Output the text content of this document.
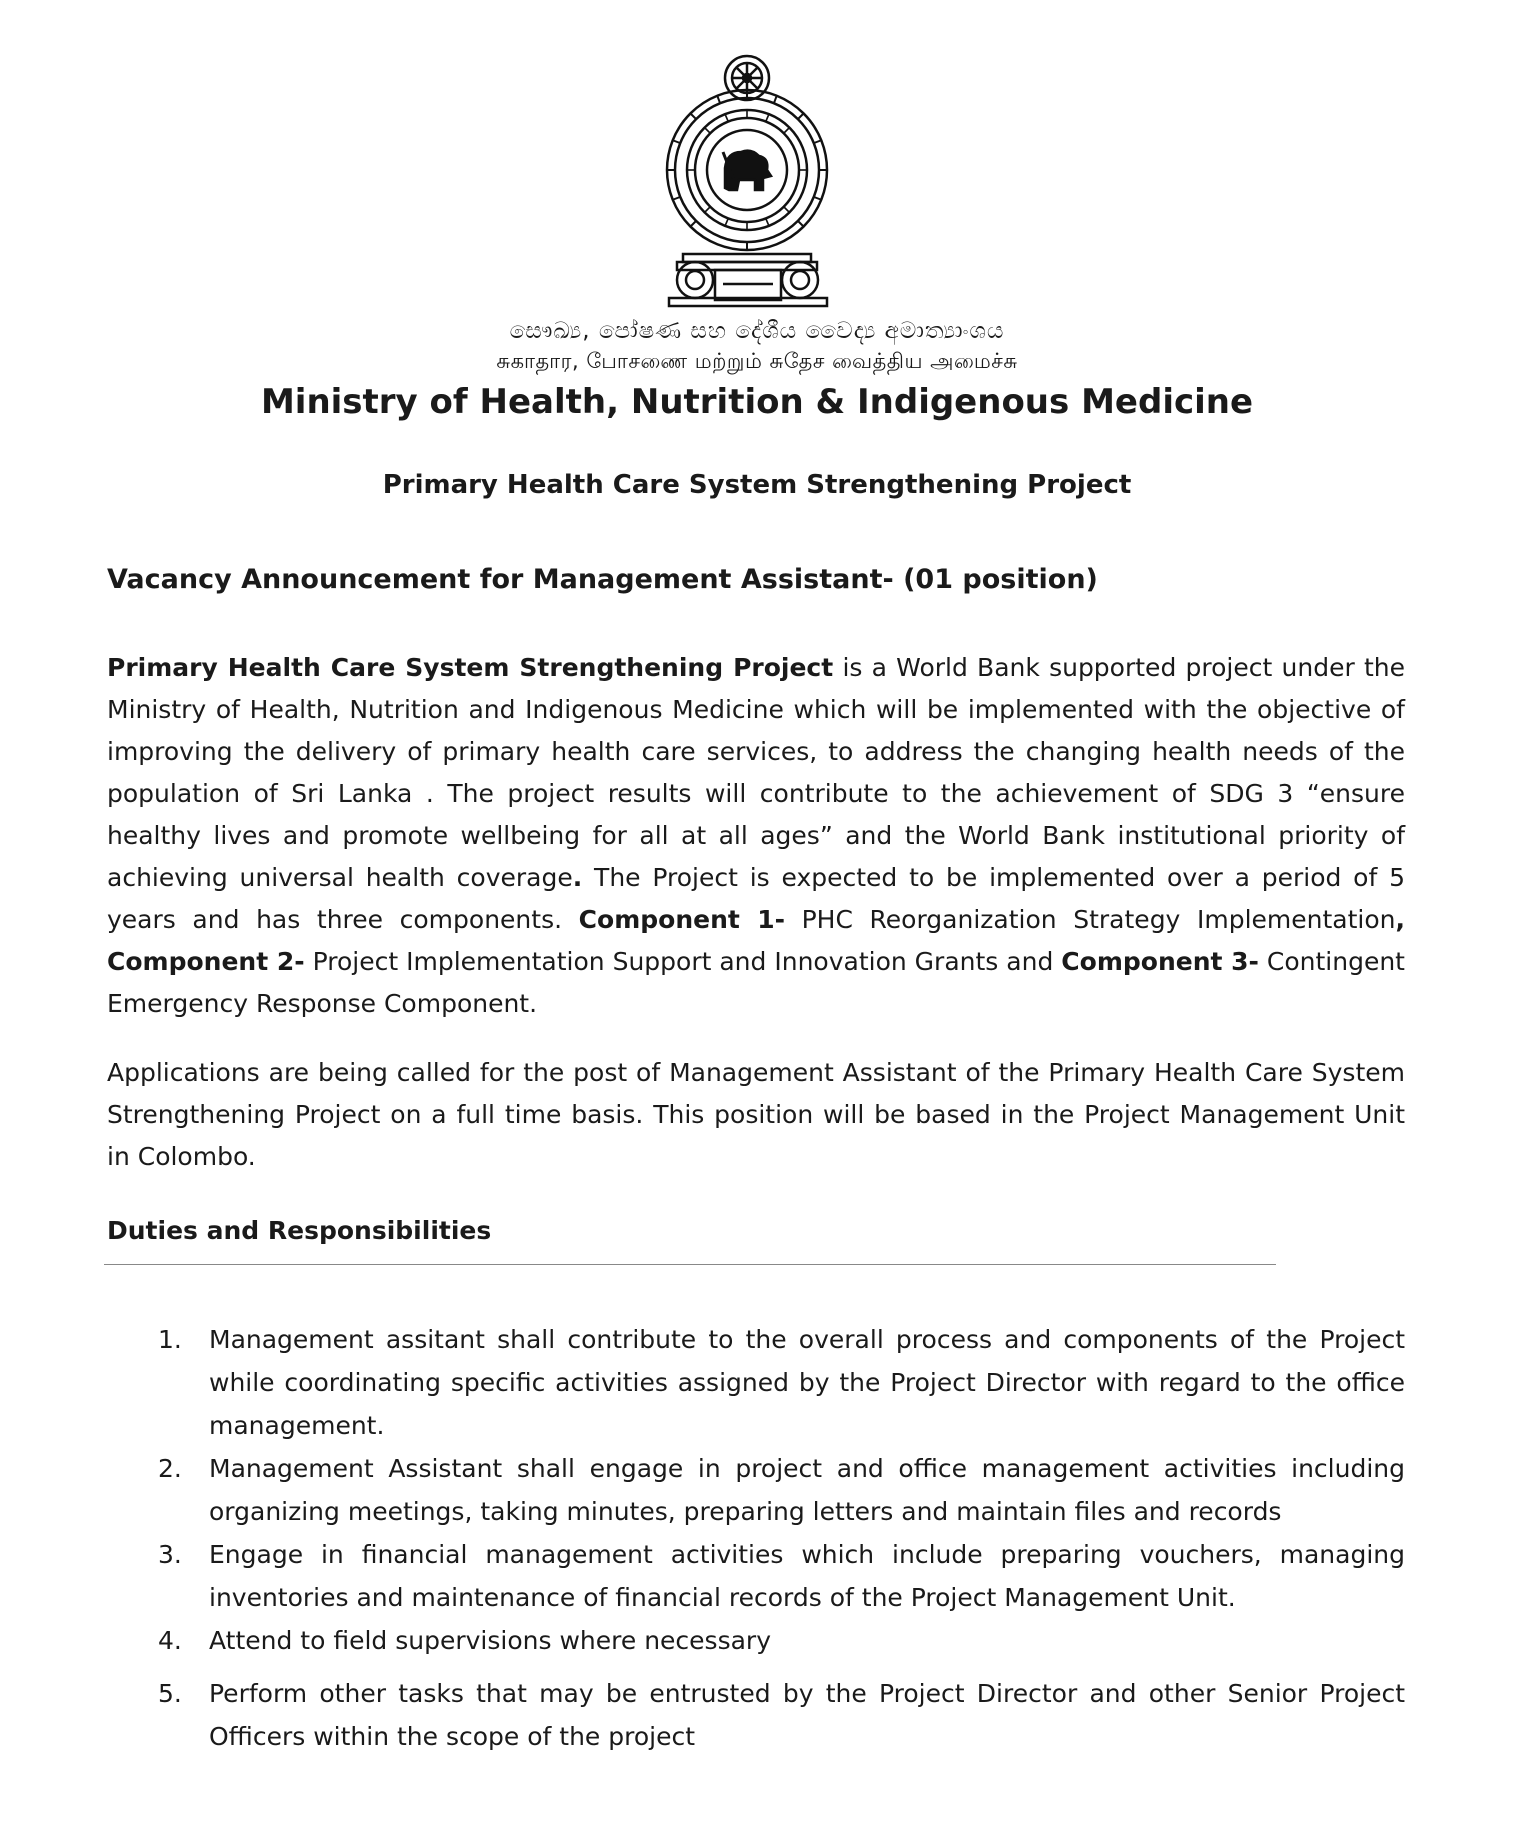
සෞඛ්‍ය, පෝෂණ සහ දේශීය වෛද්‍ය අමාත්‍යාංශය
சுகாதார, போசணை மற்றும் சுதேச வைத்திய அமைச்சு
Ministry of Health, Nutrition & Indigenous Medicine
Primary Health Care System Strengthening Project
Vacancy Announcement for Management Assistant- (01 position)
Primary Health Care System Strengthening Project is a World Bank supported project under the Ministry of Health, Nutrition and Indigenous Medicine which will be implemented with the objective of improving the delivery of primary health care services, to address the changing health needs of the population of Sri Lanka . The project results will contribute to the achievement of SDG 3 “ensure healthy lives and promote wellbeing for all at all ages” and the World Bank institutional priority of achieving universal health coverage. The Project is expected to be implemented over a period of 5 years and has three components. Component 1- PHC Reorganization Strategy Implementation, Component 2- Project Implementation Support and Innovation Grants and Component 3- Contingent Emergency Response Component.
Applications are being called for the post of Management Assistant of the Primary Health Care System Strengthening Project on a full time basis. This position will be based in the Project Management Unit in Colombo.
Duties and Responsibilities
1. Management assitant shall contribute to the overall process and components of the Project while coordinating specific activities assigned by the Project Director with regard to the office management.
2. Management Assistant shall engage in project and office management activities including organizing meetings, taking minutes, preparing letters and maintain files and records
3. Engage in financial management activities which include preparing vouchers, managing inventories and maintenance of financial records of the Project Management Unit.
4. Attend to field supervisions where necessary
5. Perform other tasks that may be entrusted by the Project Director and other Senior Project Officers within the scope of the project
